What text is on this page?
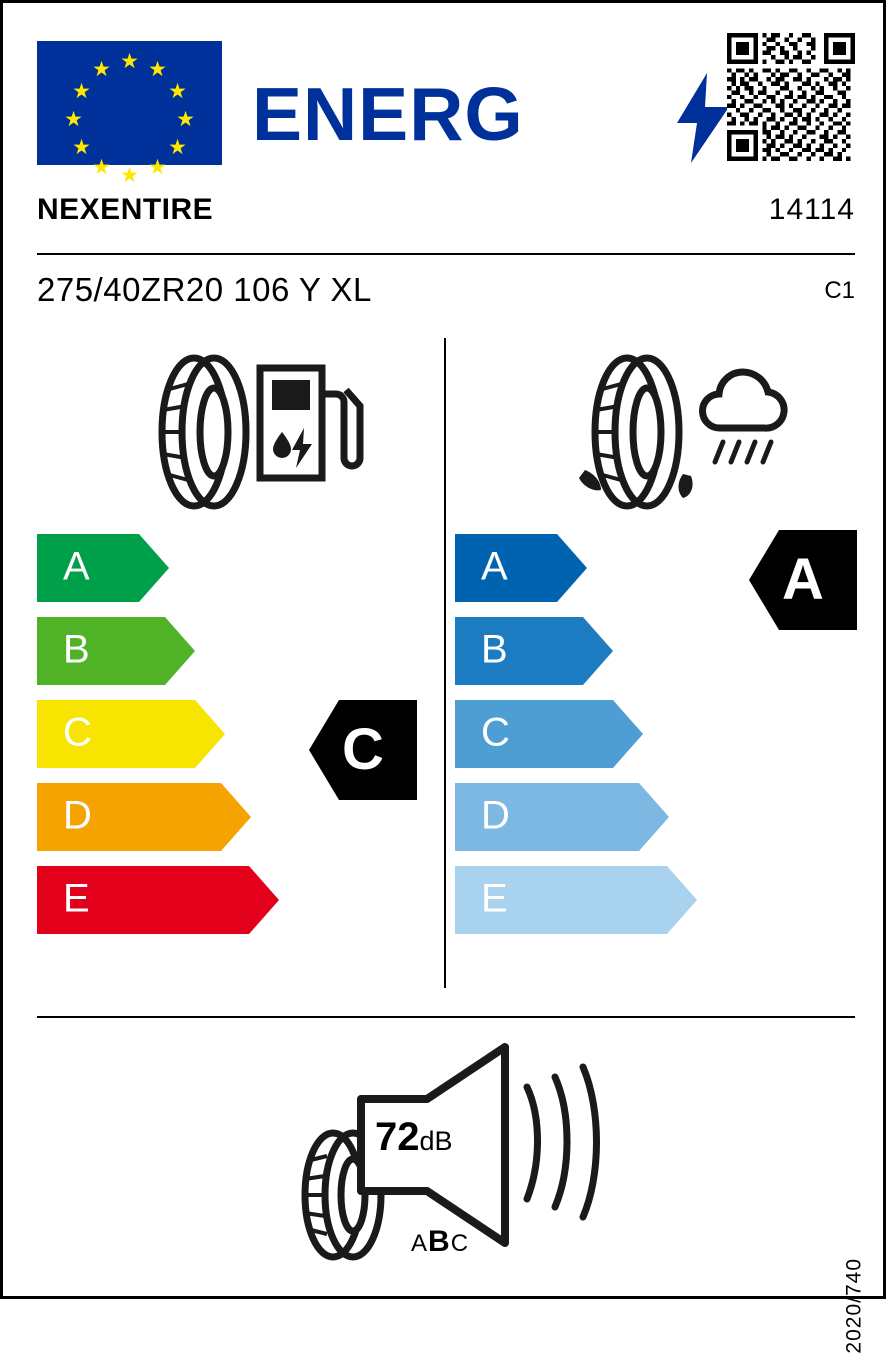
★ ★
★
★
★
★
★
★
★
★
★
★
ENERG
NEXENTIRE	14114
275/40ZR20 106 Y XL	C1
A
B
C
D
E
C
A
B
C
D
E
A
72dB
ABC
2020/740
